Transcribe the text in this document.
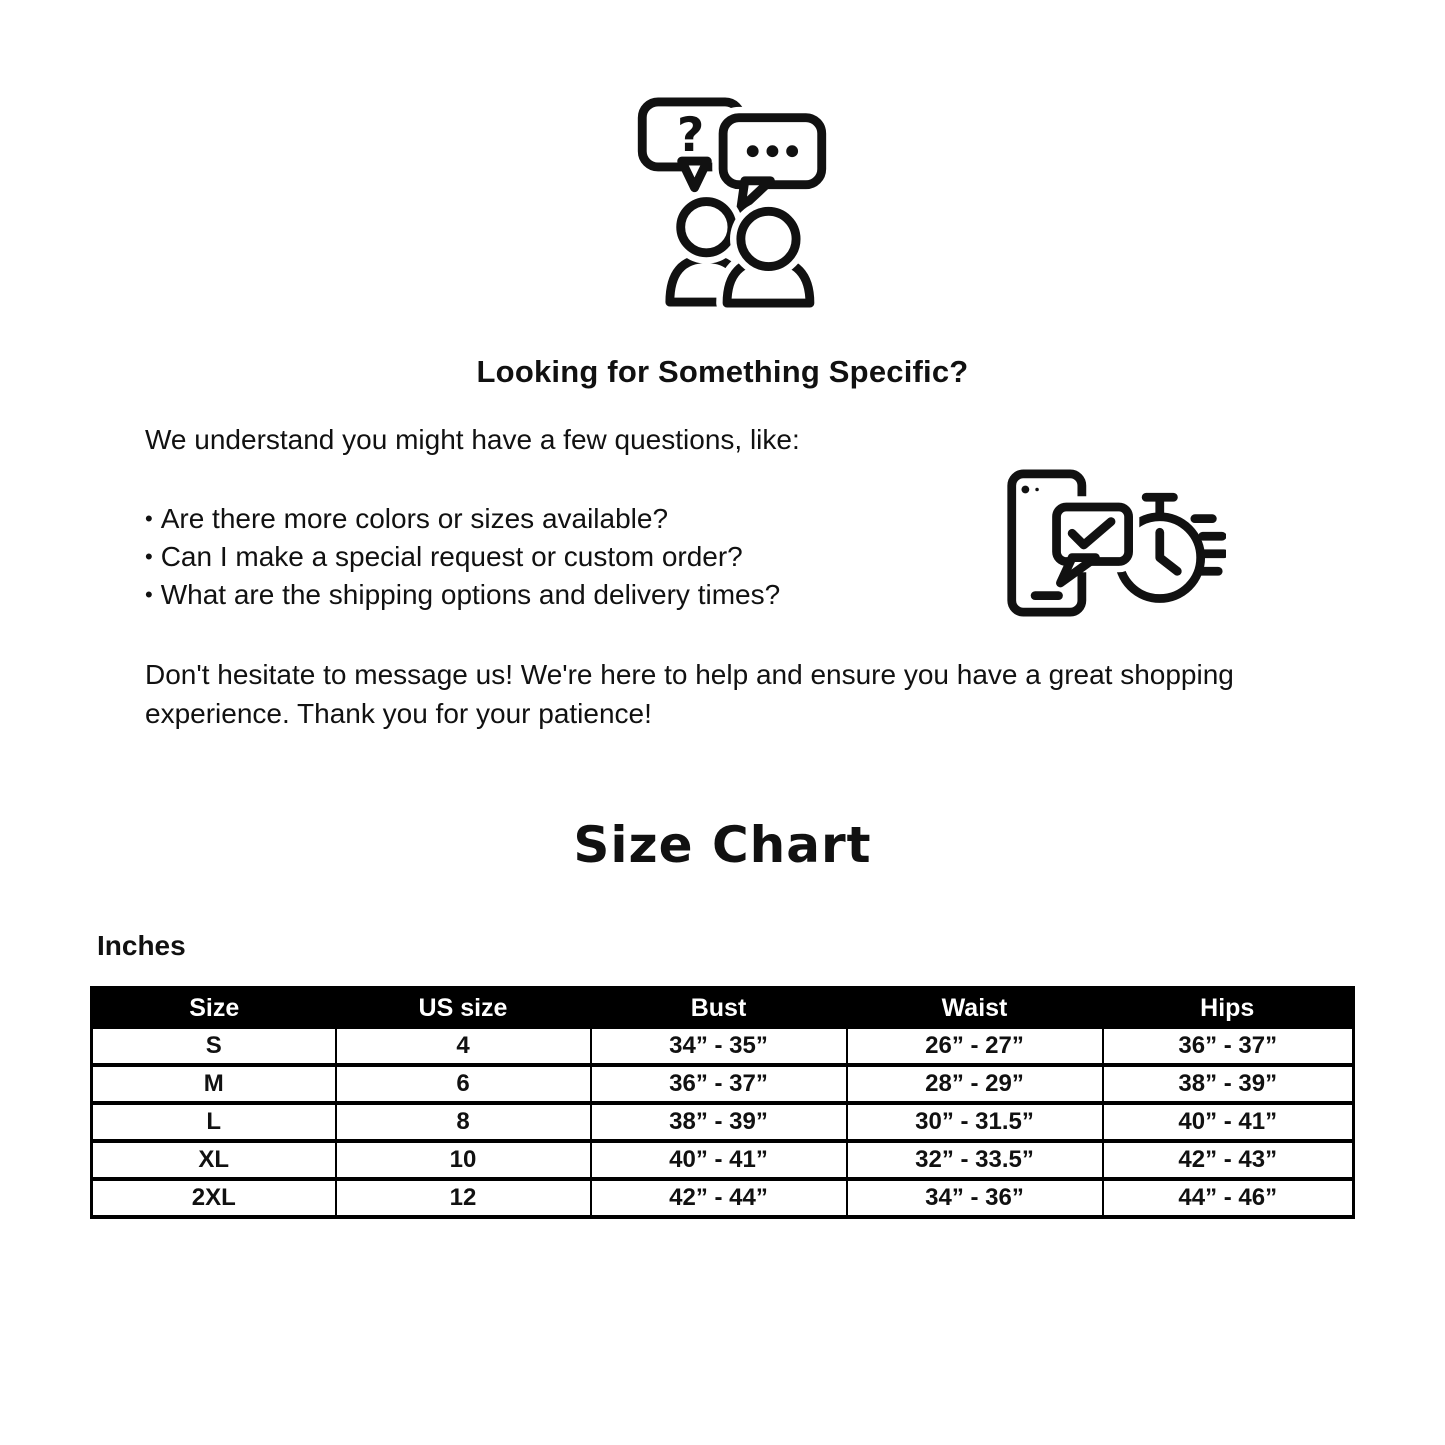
?
Looking for Something Specific?
We understand you might have a few questions, like:
• Are there more colors or sizes available?
• Can I make a special request or custom order?
• What are the shipping options and delivery times?
Don't hesitate to message us! We're here to help and ensure you have a great shopping experience. Thank you for your patience!
Size Chart
Inches
Size	US size	Bust	Waist	Hips
S	4	34” - 35”	26” - 27”	36” - 37”
M	6	36” - 37”	28” - 29”	38” - 39”
L	8	38” - 39”	30” - 31.5”	40” - 41”
XL	10	40” - 41”	32” - 33.5”	42” - 43”
2XL	12	42” - 44”	34” - 36”	44” - 46”
